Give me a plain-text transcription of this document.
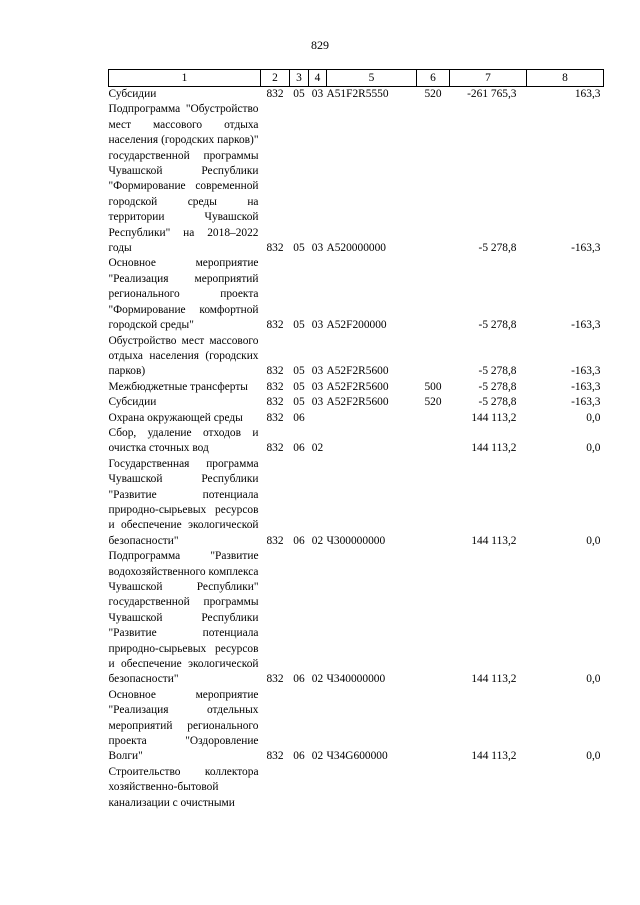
829
1	2	3	4	5	6	7	8
Субсидии	832	05	03	А51F2R5550	520	-261 765,3	163,3
Подпрограмма "Обустройство мест массового отдыха населения (городских парков)" государственной программы Чувашской Республики "Формирование современной городской среды на территории Чувашской Республики" на 2018–2022 годы	832	05	03	А520000000		-5 278,8	-163,3
Основное мероприятие "Реализация мероприятий регионального проекта "Формирование комфортной городской среды"	832	05	03	А52F200000		-5 278,8	-163,3
Обустройство мест массового отдыха населения (городских парков)	832	05	03	А52F2R5600		-5 278,8	-163,3
Межбюджетные трансферты	832	05	03	А52F2R5600	500	-5 278,8	-163,3
Субсидии	832	05	03	А52F2R5600	520	-5 278,8	-163,3
Охрана окружающей среды	832	06				144 113,2	0,0
Сбор, удаление отходов и очистка сточных вод	832	06	02			144 113,2	0,0
Государственная программа Чувашской Республики "Развитие потенциала природно-сырьевых ресурсов и обеспечение экологической безопасности"	832	06	02	Ч300000000		144 113,2	0,0
Подпрограмма "Развитие водохозяйственного комплекса Чувашской Республики" государственной программы Чувашской Республики "Развитие потенциала природно-сырьевых ресурсов и обеспечение экологической безопасности"	832	06	02	Ч340000000		144 113,2	0,0
Основное мероприятие "Реализация отдельных мероприятий регионального проекта "Оздоровление Волги"	832	06	02	Ч34G600000		144 113,2	0,0
Строительство коллектора хозяйственно-бытовой канализации с очистными							
